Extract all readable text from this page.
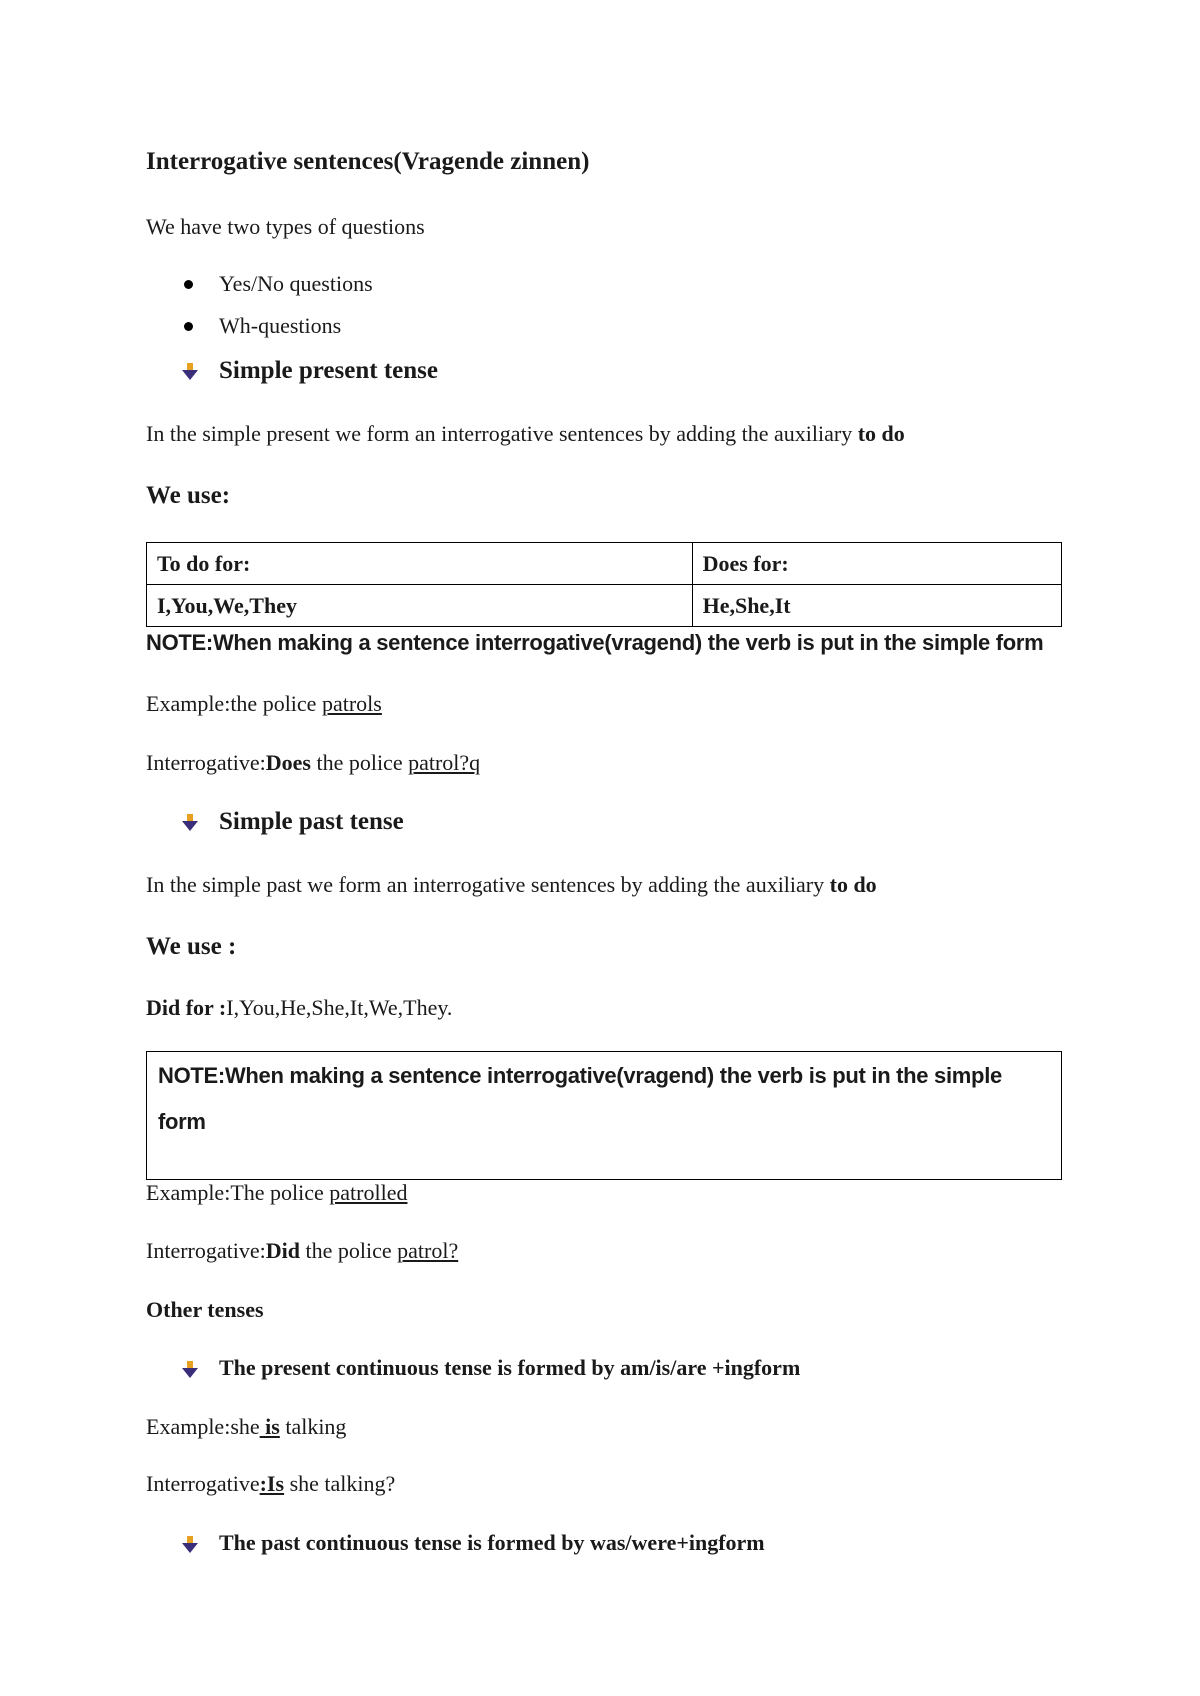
Interrogative sentences(Vragende zinnen)
We have two types of questions
Yes/No questions
Wh-questions
Simple present tense
In the simple present we form an interrogative sentences by adding the auxiliary to do
We use:
To do for:	Does for:
I,You,We,They	He,She,It
NOTE:When making a sentence interrogative(vragend) the verb is put in the simple form
Example:the police patrols
Interrogative:Does the police patrol?q
Simple past tense
In the simple past we form an interrogative sentences by adding the auxiliary to do
We use :
Did for :I,You,He,She,It,We,They.
NOTE:When making a sentence interrogative(vragend) the verb is put in the simple form
Example:The police patrolled
Interrogative:Did the police patrol?
Other tenses
The present continuous tense is formed by am/is/are +ingform
Example:she is talking
Interrogative:Is she talking?
The past continuous tense is formed by was/were+ingform
